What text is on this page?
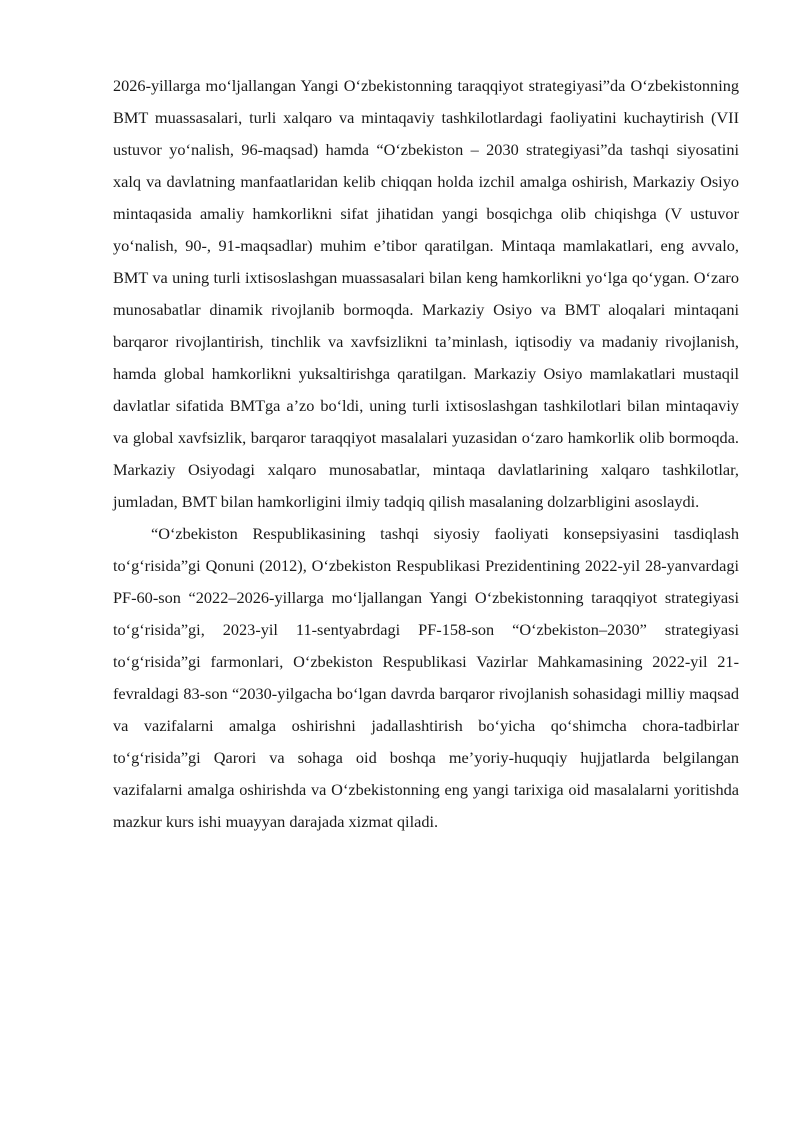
2026-yillarga mo‘ljallangan Yangi O‘zbekistonning taraqqiyot strategiyasi”da O‘zbekistonning BMT muassasalari, turli xalqaro va mintaqaviy tashkilotlardagi faoliyatini kuchaytirish (VII ustuvor yo‘nalish, 96-maqsad) hamda “O‘zbekiston – 2030 strategiyasi”da tashqi siyosatini xalq va davlatning manfaatlaridan kelib chiqqan holda izchil amalga oshirish, Markaziy Osiyo mintaqasida amaliy hamkorlikni sifat jihatidan yangi bosqichga olib chiqishga (V ustuvor yo‘nalish, 90-, 91-maqsadlar) muhim e’tibor qaratilgan. Mintaqa mamlakatlari, eng avvalo, BMT va uning turli ixtisoslashgan muassasalari bilan keng hamkorlikni yo‘lga qo‘ygan. O‘zaro munosabatlar dinamik rivojlanib bormoqda. Markaziy Osiyo va BMT aloqalari mintaqani barqaror rivojlantirish, tinchlik va xavfsizlikni ta’minlash, iqtisodiy va madaniy rivojlanish, hamda global hamkorlikni yuksaltirishga qaratilgan. Markaziy Osiyo mamlakatlari mustaqil davlatlar sifatida BMTga a’zo bo‘ldi, uning turli ixtisoslashgan tashkilotlari bilan mintaqaviy va global xavfsizlik, barqaror taraqqiyot masalalari yuzasidan o‘zaro hamkorlik olib bormoqda. Markaziy Osiyodagi xalqaro munosabatlar, mintaqa davlatlarining xalqaro tashkilotlar, jumladan, BMT bilan hamkorligini ilmiy tadqiq qilish masalaning dolzarbligini asoslaydi.

“O‘zbekiston Respublikasining tashqi siyosiy faoliyati konsepsiyasini tasdiqlash to‘g‘risida”gi Qonuni (2012), O‘zbekiston Respublikasi Prezidentining 2022-yil 28-yanvardagi PF-60-son “2022–2026-yillarga mo‘ljallangan Yangi O‘zbekistonning taraqqiyot strategiyasi to‘g‘risida”gi, 2023-yil 11-sentyabrdagi PF-158-son “O‘zbekiston–2030” strategiyasi to‘g‘risida”gi farmonlari, O‘zbekiston Respublikasi Vazirlar Mahkamasining 2022-yil 21-fevraldagi 83-son “2030-yilgacha bo‘lgan davrda barqaror rivojlanish sohasidagi milliy maqsad va vazifalarni amalga oshirishni jadallashtirish bo‘yicha qo‘shimcha chora-tadbirlar to‘g‘risida”gi Qarori va sohaga oid boshqa me’yoriy-huquqiy hujjatlarda belgilangan vazifalarni amalga oshirishda va O‘zbekistonning eng yangi tarixiga oid masalalarni yoritishda mazkur kurs ishi muayyan darajada xizmat qiladi.
